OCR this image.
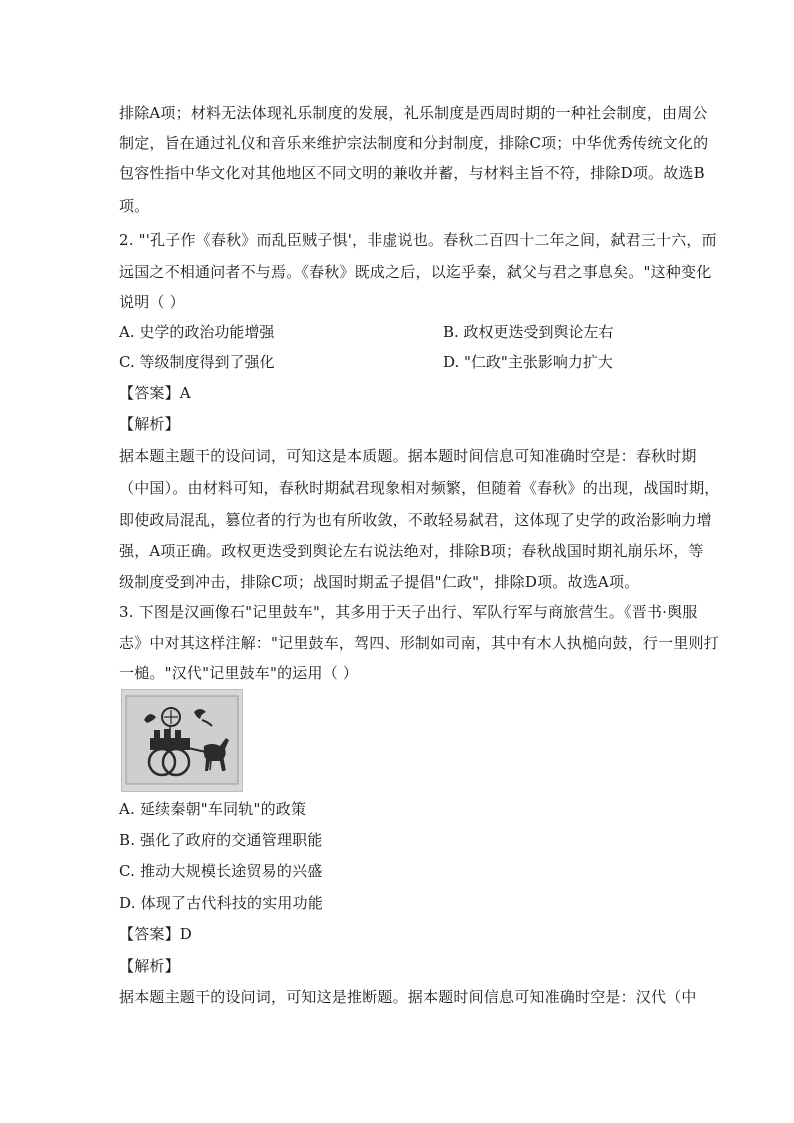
排除A项；材料无法体现礼乐制度的发展，礼乐制度是西周时期的一种社会制度，由周公
制定，旨在通过礼仪和音乐来维护宗法制度和分封制度，排除C项；中华优秀传统文化的
包容性指中华文化对其他地区不同文明的兼收并蓄，与材料主旨不符，排除D项。故选B
项。
2. "'孔子作《春秋》而乱臣贼子惧'，非虚说也。春秋二百四十二年之间，弑君三十六，而
远国之不相通问者不与焉。《春秋》既成之后，以迄乎秦，弑父与君之事息矣。"这种变化
说明（ ）
A. 史学的政治功能增强	B. 政权更迭受到舆论左右
C. 等级制度得到了强化	D. "仁政"主张影响力扩大
【答案】A
【解析】
据本题主题干的设问词，可知这是本质题。据本题时间信息可知准确时空是：春秋时期
（中国）。由材料可知，春秋时期弑君现象相对频繁，但随着《春秋》的出现，战国时期，
即使政局混乱，篡位者的行为也有所收敛，不敢轻易弑君，这体现了史学的政治影响力增
强，A项正确。政权更迭受到舆论左右说法绝对，排除B项；春秋战国时期礼崩乐坏，等
级制度受到冲击，排除C项；战国时期孟子提倡"仁政"，排除D项。故选A项。
3. 下图是汉画像石"记里鼓车"，其多用于天子出行、军队行军与商旅营生。《晋书·舆服
志》中对其这样注解："记里鼓车，驾四、形制如司南，其中有木人执槌向鼓，行一里则打
一槌。"汉代"记里鼓车"的运用（ ）
A. 延续秦朝"车同轨"的政策
B. 强化了政府的交通管理职能
C. 推动大规模长途贸易的兴盛
D. 体现了古代科技的实用功能
【答案】D
【解析】
据本题主题干的设问词，可知这是推断题。据本题时间信息可知准确时空是：汉代（中
